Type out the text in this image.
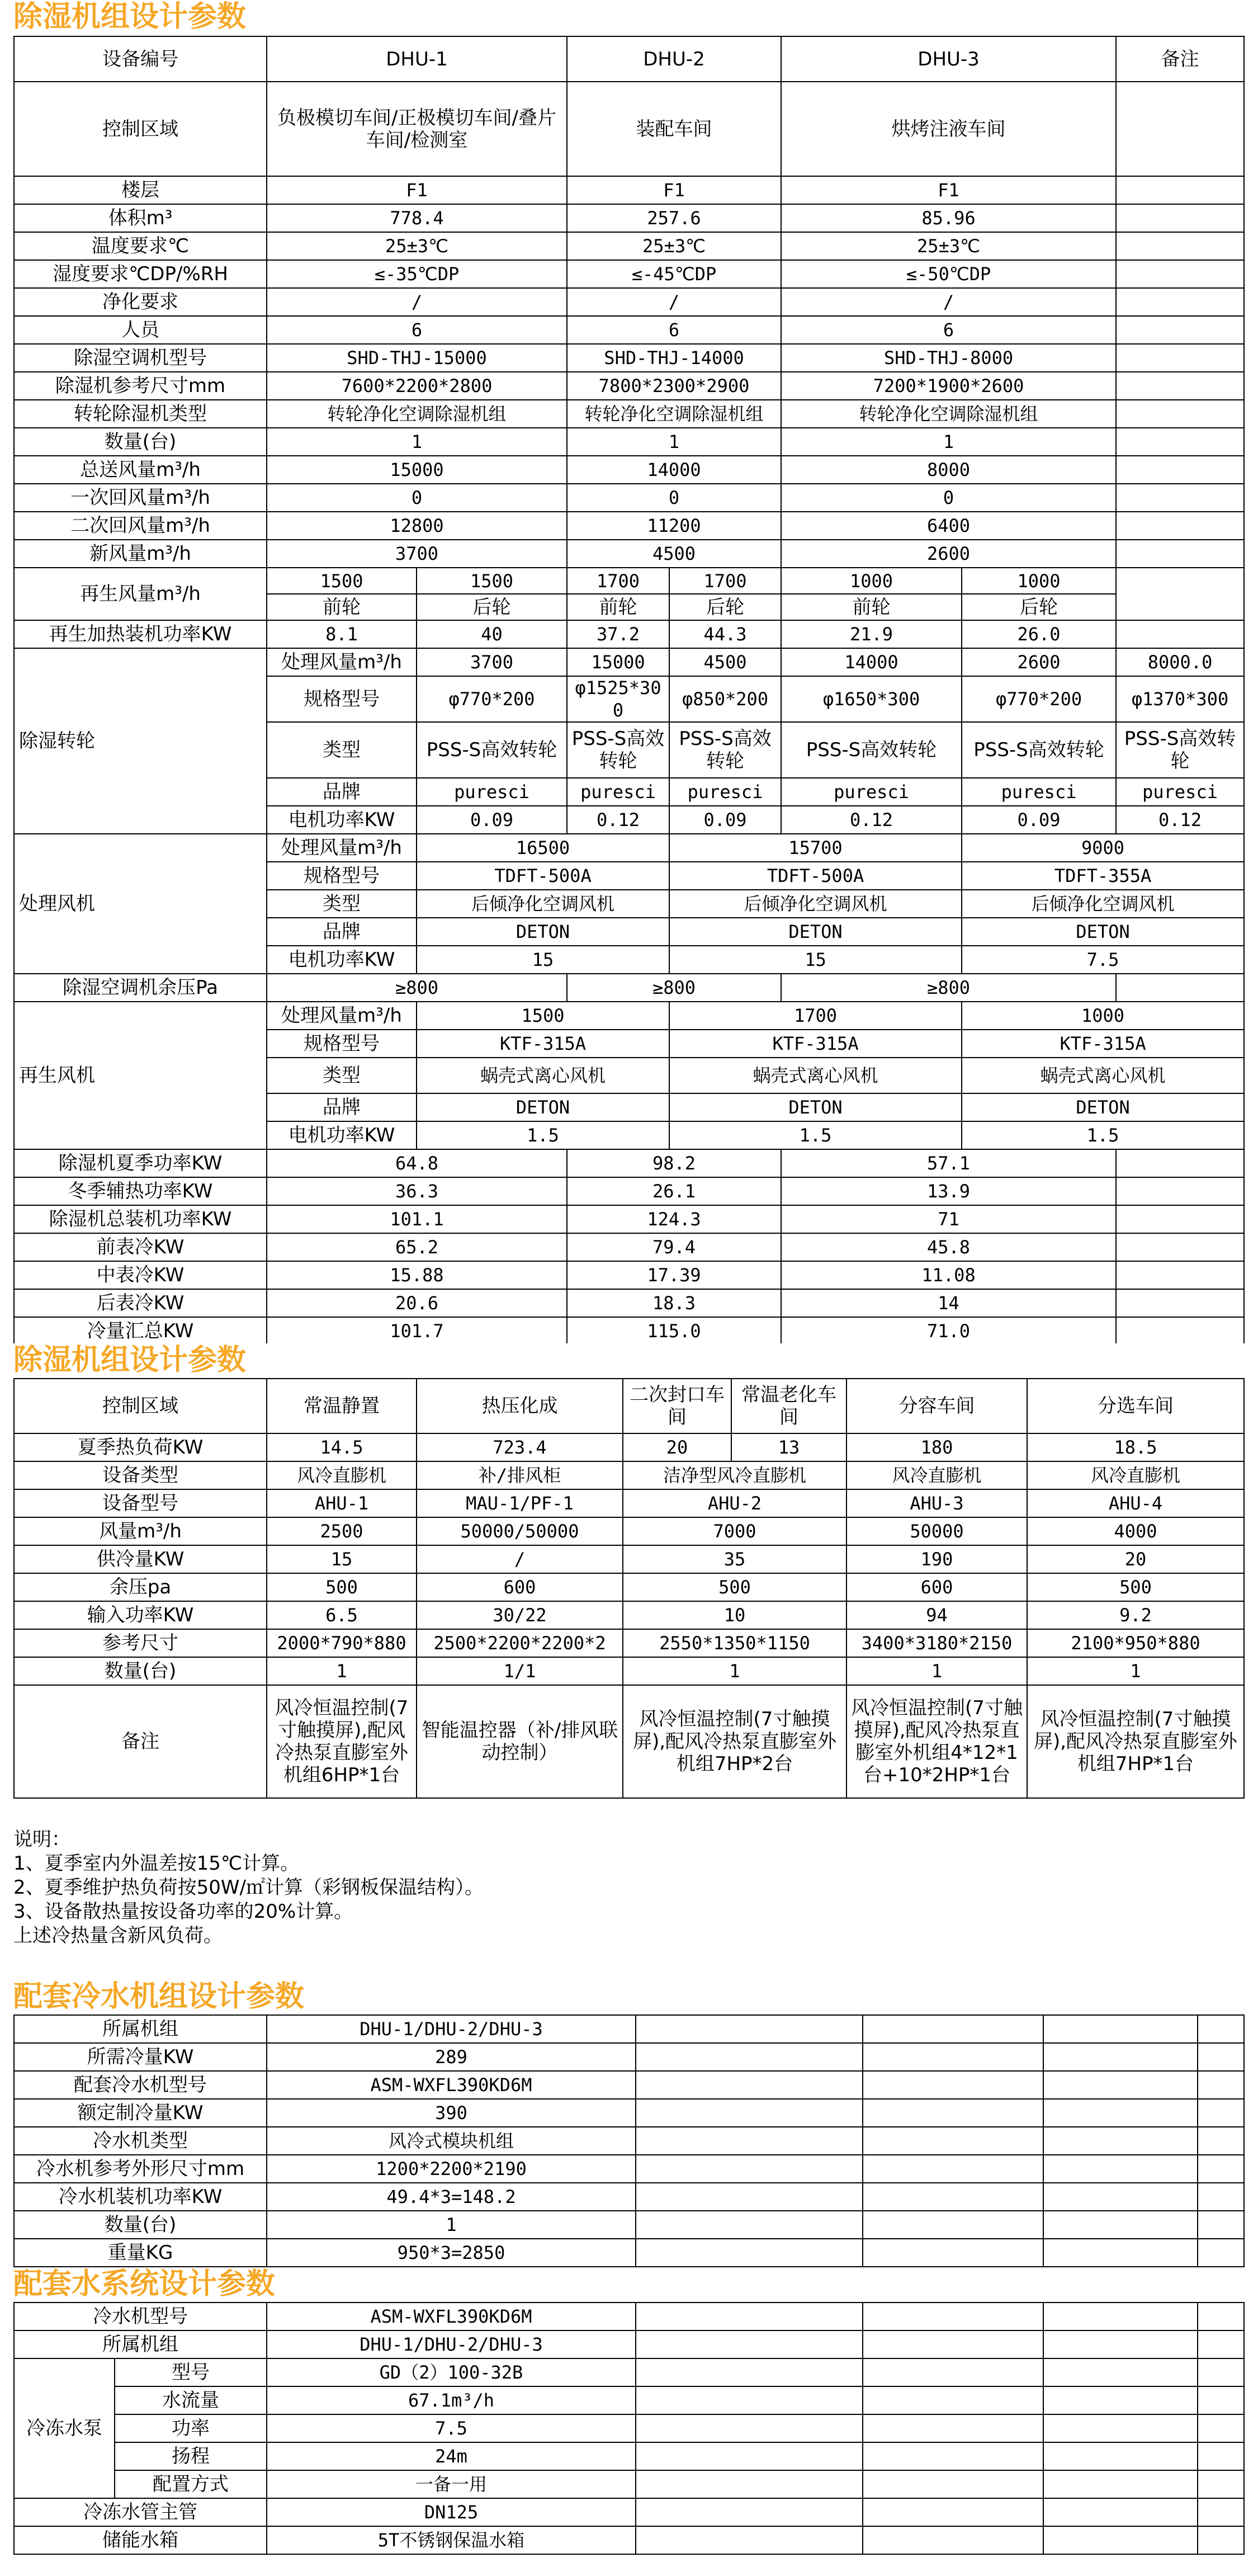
除湿机组设计参数
设备编号	DHU-1		DHU-2		DHU-3		备注	
控制区域	负极模切车间/正极模切车间/叠片车间/检测室		装配车间		烘烤注液车间			
楼层	F1		F1		F1			
体积m³	778.4		257.6		85.96			
温度要求℃	25±3℃		25±3℃		25±3℃			
湿度要求℃DP/%RH	≤-35℃DP		≤-45℃DP		≤-50℃DP			
净化要求	/		/		/			
人员	6		6		6			
除湿空调机型号	SHD-THJ-15000		SHD-THJ-14000		SHD-THJ-8000			
除湿机参考尺寸mm	7600*2200*2800		7800*2300*2900		7200*1900*2600			
转轮除湿机类型	转轮净化空调除湿机组		转轮净化空调除湿机组		转轮净化空调除湿机组			
数量(台)	1		1		1			
总送风量m³/h	15000		14000		8000			
一次回风量m³/h	0		0		0			
二次回风量m³/h	12800		11200		6400			
新风量m³/h	3700		4500		2600			
再生风量m³/h	1500	1500	1700	1700	1000	1000		
	前轮	后轮	前轮	后轮	前轮	后轮		
再生加热装机功率KW	8.1	40	37.2	44.3	21.9	26.0		
除湿转轮	处理风量m³/h	3700	15000	4500	14000	2600	8000.0	
	规格型号	φ770*200	φ1525*300	φ850*200	φ1650*300	φ770*200	φ1370*300	
	类型	PSS-S高效转轮	PSS-S高效转轮	PSS-S高效转轮	PSS-S高效转轮	PSS-S高效转轮	PSS-S高效转轮	
	品牌	puresci	puresci	puresci	puresci	puresci	puresci	
	电机功率KW	0.09	0.12	0.09	0.12	0.09	0.12	
处理风机	处理风量m³/h	16500		15700		9000		
	规格型号	TDFT-500A		TDFT-500A		TDFT-355A		
	类型	后倾净化空调风机		后倾净化空调风机		后倾净化空调风机		
	品牌	DETON		DETON		DETON		
	电机功率KW	15		15		7.5		
除湿空调机余压Pa	≥800		≥800		≥800			
再生风机	处理风量m³/h	1500		1700		1000		
	规格型号	KTF-315A		KTF-315A		KTF-315A		
	类型	蜗壳式离心风机		蜗壳式离心风机		蜗壳式离心风机		
	品牌	DETON		DETON		DETON		
	电机功率KW	1.5		1.5		1.5		
除湿机夏季功率KW	64.8		98.2		57.1			
冬季辅热功率KW	36.3		26.1		13.9			
除湿机总装机功率KW	101.1		124.3		71			
前表冷KW	65.2		79.4		45.8			
中表冷KW	15.88		17.39		11.08			
后表冷KW	20.6		18.3		14			
冷量汇总KW	101.7		115.0		71.0			
除湿机组设计参数
控制区域	常温静置	热压化成	二次封口车间	常温老化车间	分容车间	分选车间
夏季热负荷KW	14.5	723.4	20	13	180	18.5
设备类型	风冷直膨机	补/排风柜	洁净型风冷直膨机		风冷直膨机	风冷直膨机
设备型号	AHU-1	MAU-1/PF-1	AHU-2		AHU-3	AHU-4
风量m³/h	2500	50000/50000	7000		50000	4000
供冷量KW	15	/	35		190	20
余压pa	500	600	500		600	500
输入功率KW	6.5	30/22	10		94	9.2
参考尺寸	2000*790*880	2500*2200*2200*2	2550*1350*1150		3400*3180*2150	2100*950*880
数量(台)	1	1/1	1		1	1
备注	风冷恒温控制(7寸触摸屏),配风冷热泵直膨室外机组6HP*1台	智能温控器（补/排风联动控制）	风冷恒温控制(7寸触摸屏),配风冷热泵直膨室外机组7HP*2台		风冷恒温控制(7寸触摸屏),配风冷热泵直膨室外机组4*12*1台+10*2HP*1台	风冷恒温控制(7寸触摸屏),配风冷热泵直膨室外机组7HP*1台
说明：
1、夏季室内外温差按15℃计算。
2、夏季维护热负荷按50W/㎡计算（彩钢板保温结构）。
3、设备散热量按设备功率的20%计算。
上述冷热量含新风负荷。
配套冷水机组设计参数
所属机组	DHU-1/DHU-2/DHU-3				
所需冷量KW	289				
配套冷水机型号	ASM-WXFL390KD6M				
额定制冷量KW	390				
冷水机类型	风冷式模块机组				
冷水机参考外形尺寸mm	1200*2200*2190				
冷水机装机功率KW	49.4*3=148.2				
数量(台)	1				
重量KG	950*3=2850				
配套水系统设计参数
冷水机型号		ASM-WXFL390KD6M				
所属机组		DHU-1/DHU-2/DHU-3				
冷冻水泵	型号	GD（2）100-32B				
	水流量	67.1m³/h				
	功率	7.5				
	扬程	24m				
	配置方式	一备一用				
冷冻水管主管		DN125				
储能水箱		5T不锈钢保温水箱				
